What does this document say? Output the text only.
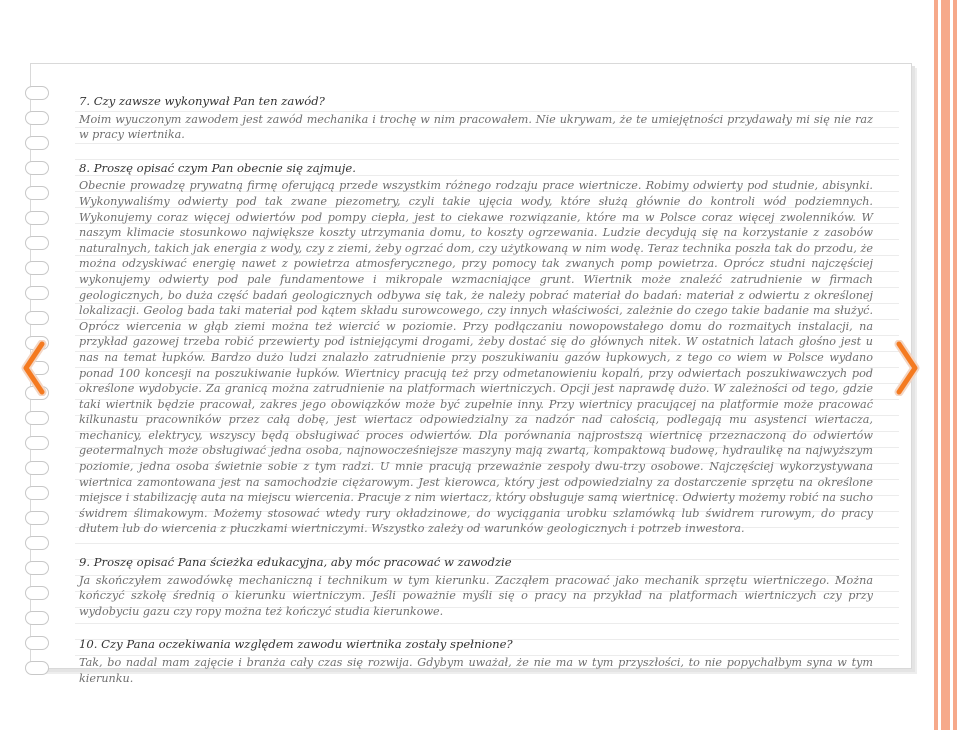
7. Czy zawsze wykonywał Pan ten zawód?

Moim wyuczonym zawodem jest zawód mechanika i trochę w nim pracowałem. Nie ukrywam, że te umiejętności przydawały mi się nie raz w pracy wiertnika.

8. Proszę opisać czym Pan obecnie się zajmuje.

Obecnie prowadzę prywatną firmę oferującą przede wszystkim różnego rodzaju prace wiertnicze. Robimy odwierty pod studnie, abisynki. Wykonywaliśmy odwierty pod tak zwane piezometry, czyli takie ujęcia wody, które służą głównie do kontroli wód podziemnych. Wykonujemy coraz więcej odwiertów pod pompy ciepła, jest to ciekawe rozwiązanie, które ma w Polsce coraz więcej zwolenników. W naszym klimacie stosunkowo największe koszty utrzymania domu, to koszty ogrzewania. Ludzie decydują się na korzystanie z zasobów naturalnych, takich jak energia z wody, czy z ziemi, żeby ogrzać dom, czy użytkowaną w nim wodę. Teraz technika poszła tak do przodu, że można odzyskiwać energię nawet z powietrza atmosferycznego, przy pomocy tak zwanych pomp powietrza. Oprócz studni najczęściej wykonujemy odwierty pod pale fundamentowe i mikropale wzmacniające grunt. Wiertnik może znaleźć zatrudnienie w firmach geologicznych, bo duża część badań geologicznych odbywa się tak, że należy pobrać materiał do badań: materiał z odwiertu z określonej lokalizacji. Geolog bada taki materiał pod kątem składu surowcowego, czy innych właściwości, zależnie do czego takie badanie ma służyć. Oprócz wiercenia w głąb ziemi można też wiercić w poziomie. Przy podłączaniu nowopowstałego domu do rozmaitych instalacji, na przykład gazowej trzeba robić przewierty pod istniejącymi drogami, żeby dostać się do głównych nitek. W ostatnich latach głośno jest u nas na temat łupków. Bardzo dużo ludzi znalazło zatrudnienie przy poszukiwaniu gazów łupkowych, z tego co wiem w Polsce wydano ponad 100 koncesji na poszukiwanie łupków. Wiertnicy pracują też przy odmetanowieniu kopalń, przy odwiertach poszukiwawczych pod określone wydobycie. Za granicą można zatrudnienie na platformach wiertniczych. Opcji jest naprawdę dużo. W zależności od tego, gdzie taki wiertnik będzie pracował, zakres jego obowiązków może być zupełnie inny. Przy wiertnicy pracującej na platformie może pracować kilkunastu pracowników przez całą dobę, jest wiertacz odpowiedzialny za nadzór nad całością, podlegają mu asystenci wiertacza, mechanicy, elektrycy, wszyscy będą obsługiwać proces odwiertów. Dla porównania najprostszą wiertnicę przeznaczoną do odwiertów geotermalnych może obsługiwać jedna osoba, najnowocześniejsze maszyny mają zwartą, kompaktową budowę, hydraulikę na najwyższym poziomie, jedna osoba świetnie sobie z tym radzi. U mnie pracują przeważnie zespoły dwu-trzy osobowe. Najczęściej wykorzystywana wiertnica zamontowana jest na samochodzie ciężarowym. Jest kierowca, który jest odpowiedzialny za dostarczenie sprzętu na określone miejsce i stabilizację auta na miejscu wiercenia. Pracuje z nim wiertacz, który obsługuje samą wiertnicę. Odwierty możemy robić na sucho świdrem ślimakowym. Możemy stosować wtedy rury okładzinowe, do wyciągania urobku szlamówką lub świdrem rurowym, do pracy dłutem lub do wiercenia z płuczkami wiertniczymi. Wszystko zależy od warunków geologicznych i potrzeb inwestora.

9. Proszę opisać Pana ścieżka edukacyjna, aby móc pracować w zawodzie

Ja skończyłem zawodówkę mechaniczną i technikum w tym kierunku. Zacząłem pracować jako mechanik sprzętu wiertniczego. Można kończyć szkołę średnią o kierunku wiertniczym. Jeśli poważnie myśli się o pracy na przykład na platformach wiertniczych czy przy wydobyciu gazu czy ropy można też kończyć studia kierunkowe.

10. Czy Pana oczekiwania względem zawodu wiertnika zostały spełnione?

Tak, bo nadal mam zajęcie i branża cały czas się rozwija. Gdybym uważał, że nie ma w tym przyszłości, to nie popychałbym syna w tym kierunku.
